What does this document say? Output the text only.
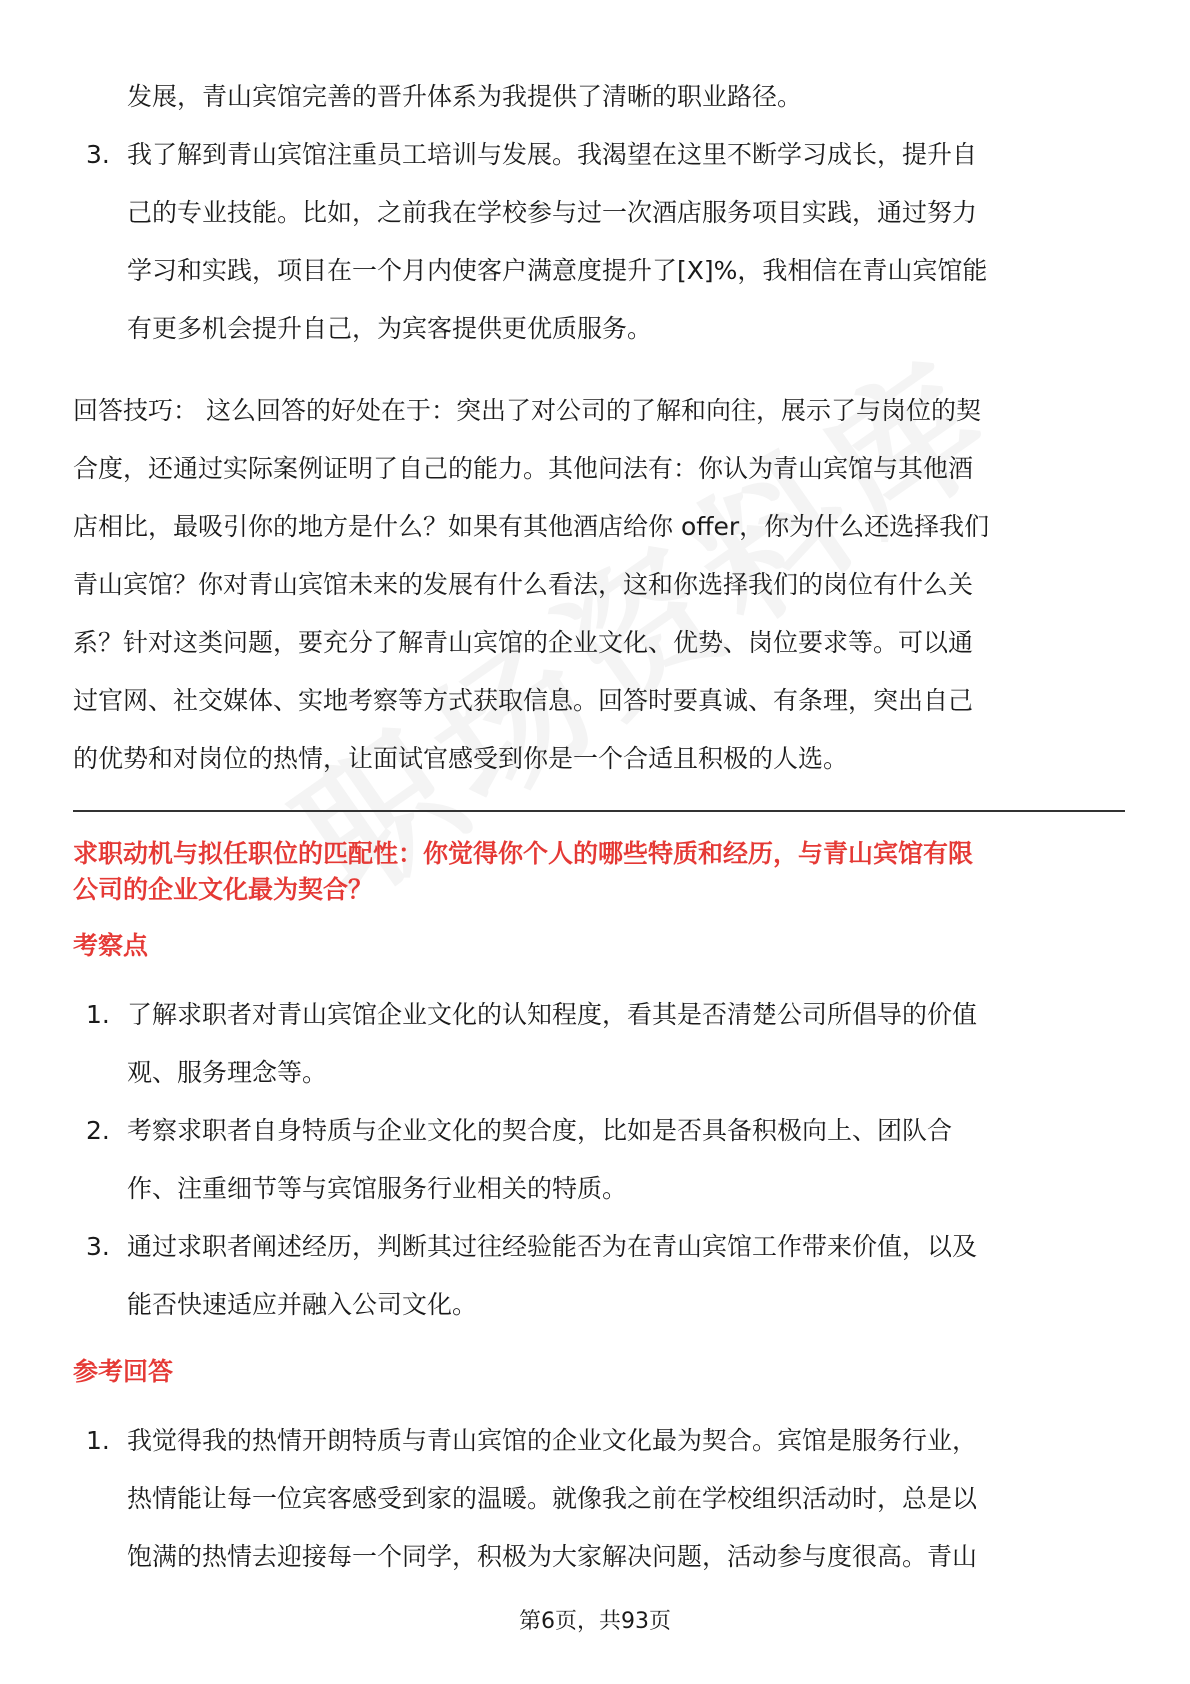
发展，青山宾馆完善的晋升体系为我提供了清晰的职业路径。
3. 我了解到青山宾馆注重员工培训与发展。我渴望在这里不断学习成长，提升自
己的专业技能。比如，之前我在学校参与过一次酒店服务项目实践，通过努力
学习和实践，项目在一个月内使客户满意度提升了[X]%，我相信在青山宾馆能
有更多机会提升自己，为宾客提供更优质服务。
回答技巧： 这么回答的好处在于：突出了对公司的了解和向往，展示了与岗位的契
合度，还通过实际案例证明了自己的能力。其他问法有：你认为青山宾馆与其他酒
店相比，最吸引你的地方是什么？如果有其他酒店给你 offer，你为什么还选择我们
青山宾馆？你对青山宾馆未来的发展有什么看法，这和你选择我们的岗位有什么关
系？针对这类问题，要充分了解青山宾馆的企业文化、优势、岗位要求等。可以通
过官网、社交媒体、实地考察等方式获取信息。回答时要真诚、有条理，突出自己
的优势和对岗位的热情，让面试官感受到你是一个合适且积极的人选。
求职动机与拟任职位的匹配性：你觉得你个人的哪些特质和经历，与青山宾馆有限
公司的企业文化最为契合？
考察点
1. 了解求职者对青山宾馆企业文化的认知程度，看其是否清楚公司所倡导的价值
观、服务理念等。
2. 考察求职者自身特质与企业文化的契合度，比如是否具备积极向上、团队合
作、注重细节等与宾馆服务行业相关的特质。
3. 通过求职者阐述经历，判断其过往经验能否为在青山宾馆工作带来价值，以及
能否快速适应并融入公司文化。
参考回答
1. 我觉得我的热情开朗特质与青山宾馆的企业文化最为契合。宾馆是服务行业，
热情能让每一位宾客感受到家的温暖。就像我之前在学校组织活动时，总是以
饱满的热情去迎接每一个同学，积极为大家解决问题，活动参与度很高。青山
第6页，共93页
